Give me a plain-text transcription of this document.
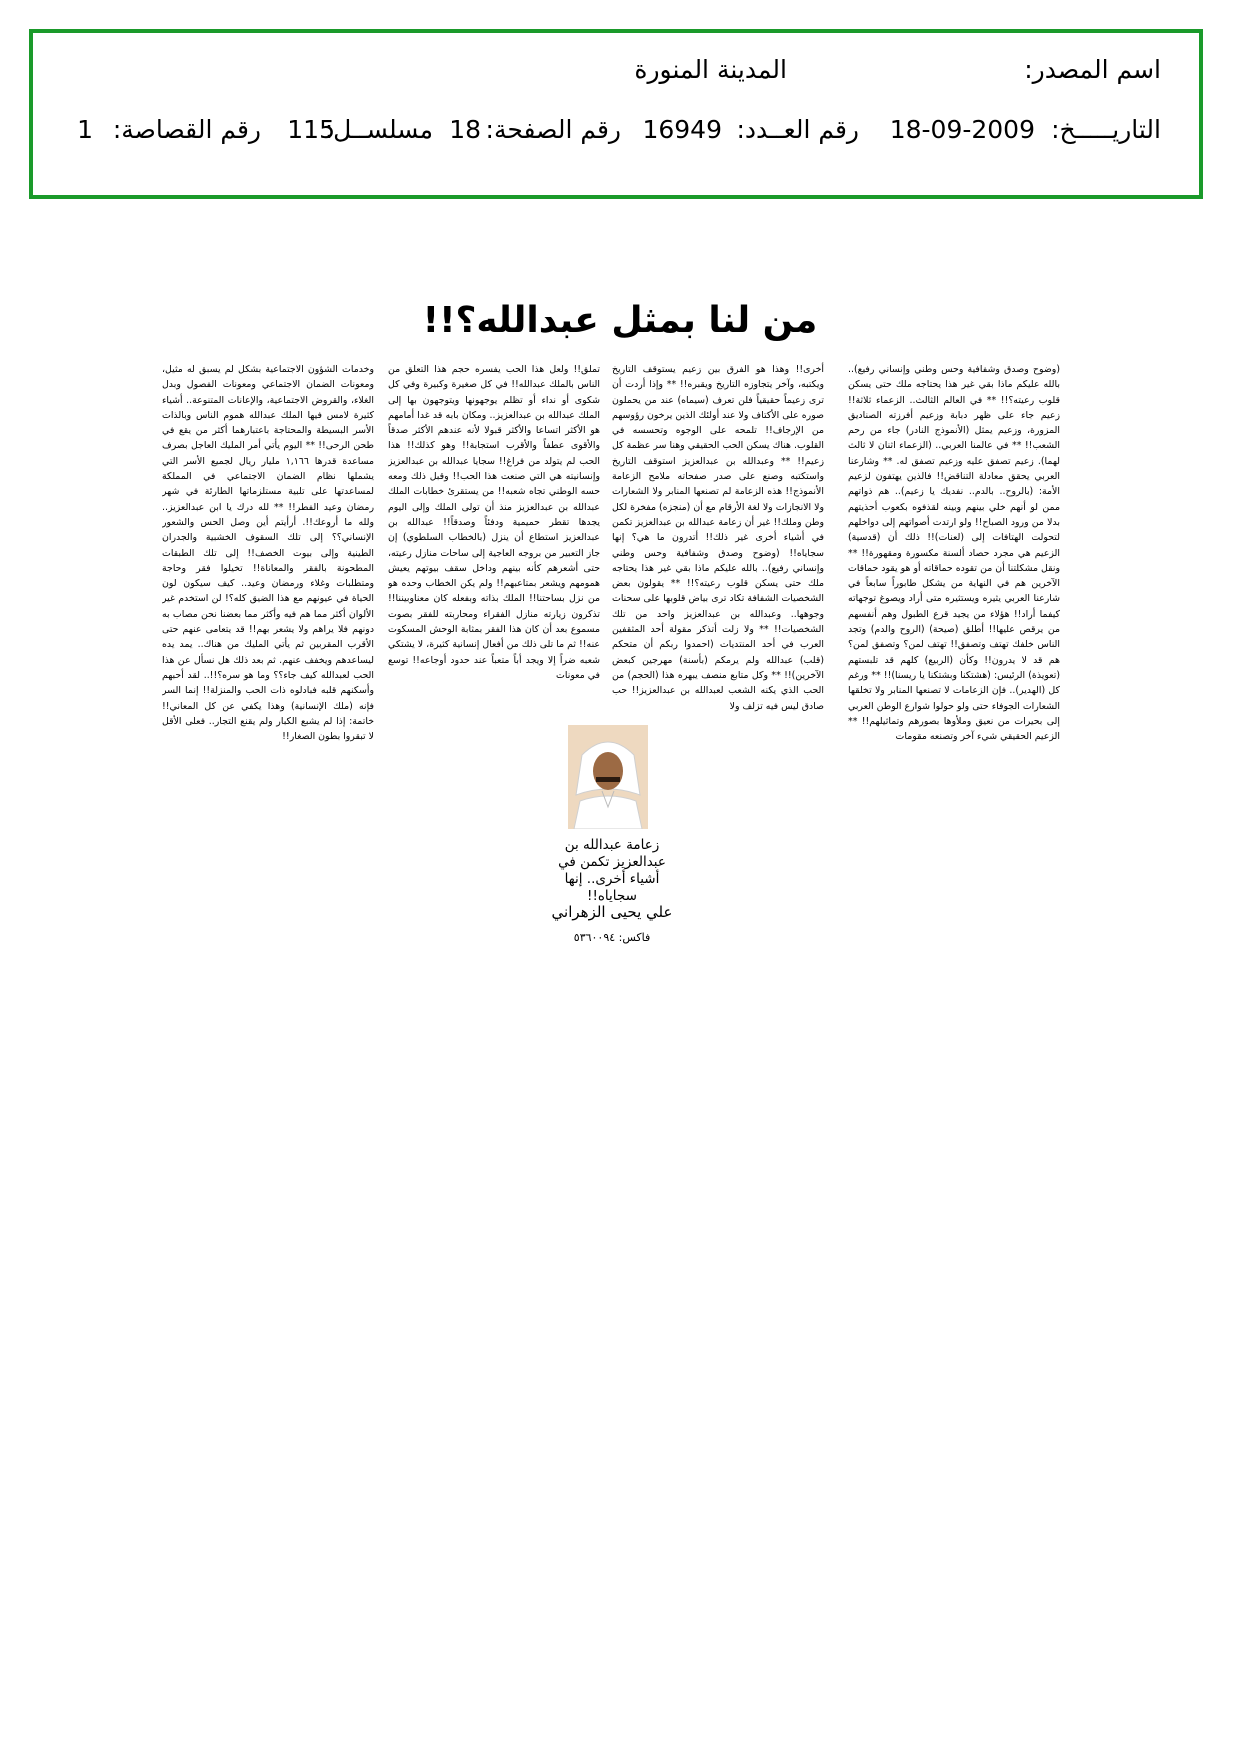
اسم المصدر:
المدينة المنورة
التاريـــــخ:
18-09-2009
رقم العــدد:
16949
رقم الصفحة:
18
مسلســل:
115
رقم القصاصة:
1
من لنا بمثل عبدالله؟!!

(وضوح وصدق وشفافية وحس وطني وإنساني رفيع).. بالله عليكم ماذا بقي غير هذا يحتاجه ملك حتى يسكن قلوب رعيته؟!! ** في العالم الثالث.. الزعماء ثلاثة!! زعيم جاء على ظهر دبابة وزعيم أفرزته الصناديق المزورة، وزعيم يمثل (الأنموذج النادر) جاء من رحم الشعب!! ** في عالمنا العربي.. (الزعماء اثنان لا ثالث لهما). زعيم تصفق عليه وزعيم تصفق له. ** وشارعنا العربي يحقق معادلة التناقض!! فالذين يهتفون لزعيم الأمة: (بالروح.. بالدم.. نفديك يا زعيم).. هم ذواتهم ممن لو أنهم خلي بينهم وبينه لقذفوه بكعوب أحذيتهم بدلا من ورود الصباح!! ولو ارتدت أصواتهم إلى دواخلهم لتحولت الهتافات إلى (لعنات)!! ذلك أن (قدسية) الزعيم هي مجرد حصاد ألسنة مكسورة ومقهورة!! ** ونقل مشكلتنا أن من تقوده حماقاته أو هو يقود حماقات الآخرين هم في النهاية من يشكل طابوراً سابعاً في شارعنا العربي يثيره ويستثيره متى أراد ويصوغ توجهاته كيفما أراد!! هؤلاء من يجيد قرع الطبول وهم أنفسهم من يرقص عليها!! أطلق (صيحة) (الروح والدم) وتجد الناس خلفك تهتف وتصفق!! تهتف لمن؟ وتصفق لمن؟ هم قد لا يدرون!! وكأن (الربيع) كلهم قد تلبستهم (تعويذة) الرئيس: (هشتكنا وبشتكنا يا ريسنا)!! ** ورغم كل (الهدير).. فإن الزعامات لا تصنعها المنابر ولا تخلقها الشعارات الجوفاء حتى ولو حولوا شوارع الوطن العربي إلى بحيرات من نعيق وملأوها بصورهم وتماثيلهم!! ** الزعيم الحقيقي شيء آخر وتصنعه مقومات

أخرى!! وهذا هو الفرق بين زعيم يستوقف التاريخ ويكتبه، وآخر يتجاوزه التاريخ ويقبره!! ** وإذا أردت أن ترى زعيماً حقيقياً فلن تعرف (سيماه) عند من يحملون صوره على الأكتاف ولا عند أولئك الذين يرخون رؤوسهم من الإرجاف!! تلمحه على الوجوه وتحسسه في القلوب. هناك يسكن الحب الحقيقي وهنا سر عظمة كل زعيم!! ** وعبدالله بن عبدالعزيز استوقف التاريخ واستكتبه وصنع على صدر صفحاته ملامح الزعامة الأنموذج!! هذه الزعامة لم تصنعها المنابر ولا الشعارات ولا الانجازات ولا لغة الأرقام مع أن (منجزه) مفخرة لكل وطن وملك!! غير أن زعامة عبدالله بن عبدالعزيز تكمن في أشياء أخرى غير ذلك!! أتدرون ما هي؟ إنها سجاياه!! (وضوح وصدق وشفافية وحس وطني وإنساني رفيع).. بالله عليكم ماذا بقي غير هذا يحتاجه ملك حتى يسكن قلوب رعيته؟!! ** يقولون بعض الشخصيات الشفافة تكاد ترى بياض قلوبها على سحنات وجوهها.. وعبدالله بن عبدالعزيز واحد من تلك الشخصيات!! ** ولا زلت أتذكر مقولة أحد المثقفين العرب في أحد المنتديات (احمدوا ربكم أن متحكم (قلب) عبدالله ولم يرمكم (بأسنة) مهرجين كبعض الآخرين)!! ** وكل متابع منصف يبهره هذا (الحجم) من الحب الذي يكنه الشعب لعبدالله بن عبدالعزيز!! حب صادق ليس فيه تزلف ولا

تملق!! ولعل هذا الحب يفسره حجم هذا التعلق من الناس بالملك عبدالله!! في كل صغيرة وكبيرة وفي كل شكوى أو نداء أو تظلم يوجهونها ويتوجهون بها إلى الملك عبدالله بن عبدالعزيز.. ومكان بابه قد غدا أمامهم هو الأكثر اتساعا والأكثر قبولا لأنه عندهم الأكثر صدقاً والأقوى عطفاً والأقرب استجابة!! وهو كذلك!! هذا الحب لم يتولد من فراغ!! سجايا عبدالله بن عبدالعزيز وإنسانيته هي التي صنعت هذا الحب!! وقبل ذلك ومعه حسه الوطني تجاه شعبه!! من يستقرئ خطابات الملك عبدالله بن عبدالعزيز منذ أن تولى الملك وإلى اليوم يجدها تقطر حميمية ودفئاً وصدقاً!! عبدالله بن عبدالعزيز استطاع أن ينزل (بالخطاب السلطوي) إن جاز التعبير من بروجه العاجية إلى ساحات منازل رعيته، حتى أشعرهم كأنه بينهم وداخل سقف بيوتهم يعيش همومهم ويشعر بمتاعبهم!! ولم يكن الخطاب وحده هو من نزل بساحتنا!! الملك بذاته وبفعله كان معناوبيننا!! تذكرون زيارته منازل الفقراء ومحاربته للفقر بصوت مسموع بعد أن كان هذا الفقر بمثابة الوحش المسكوت عنه!! ثم ما تلى ذلك من أفعال إنسانية كثيرة، لا يشتكي شعبه ضراً إلا ويجد أباً متعباً عند حدود أوجاعه!! توسع في معونات

وخدمات الشؤون الاجتماعية بشكل لم يسبق له مثيل، ومعونات الضمان الاجتماعي ومعونات الفصول وبدل الغلاء، والقروض الاجتماعية، والإعانات المتنوعة.. أشياء كثيرة لامس فيها الملك عبدالله هموم الناس وبالذات الأسر البسيطة والمحتاجة باعتبارهما أكثر من يقع في طحن الرحى!! ** اليوم يأتي أمر المليك العاجل بصرف مساعدة قدرها ١,١٦٦ مليار ريال لجميع الأسر التي يشملها نظام الضمان الاجتماعي في المملكة لمساعدتها على تلبية مستلزماتها الطارئة في شهر رمضان وعيد الفطر!! ** لله درك يا ابن عبدالعزيز.. ولله ما أروعك!!. أرأيتم أين وصل الحس والشعور الإنساني؟؟ إلى تلك السقوف الخشبية والجدران الطينية وإلى بيوت الخصف!! إلى تلك الطبقات المطحونة بالفقر والمعاناة!! تخيلوا فقر وحاجة ومتطلبات وغلاء ورمضان وعيد.. كيف سيكون لون الحياة في عيونهم مع هذا الضيق كله؟! لن استخدم غير الألوان أكثر مما هم فيه وأكثر مما بعضنا نحن مصاب به دونهم فلا يراهم ولا يشعر بهم!! قد يتعامى عنهم حتى الأقرب المقربين ثم يأتي المليك من هناك.. يمد يده ليساعدهم ويخفف عنهم. ثم بعد ذلك هل نسأل عن هذا الحب لعبدالله كيف جاء؟؟ وما هو سره؟!!.. لقد أحبهم وأسكنهم قلبه فبادلوه ذات الحب والمنزلة!! إنما السر فإنه (ملك الإنسانية) وهذا يكفي عن كل المعاني!! خاتمة: إذا لم يشبع الكبار ولم يقنع التجار.. فعلى الأقل لا تبقروا بطون الصغار!!

زعامة عبدالله بن عبدالعزيز تكمن في أشياء أخرى.. إنها سجاياه!!
علي يحيى الزهراني
فاكس: ٥٣٦٠٠٩٤
